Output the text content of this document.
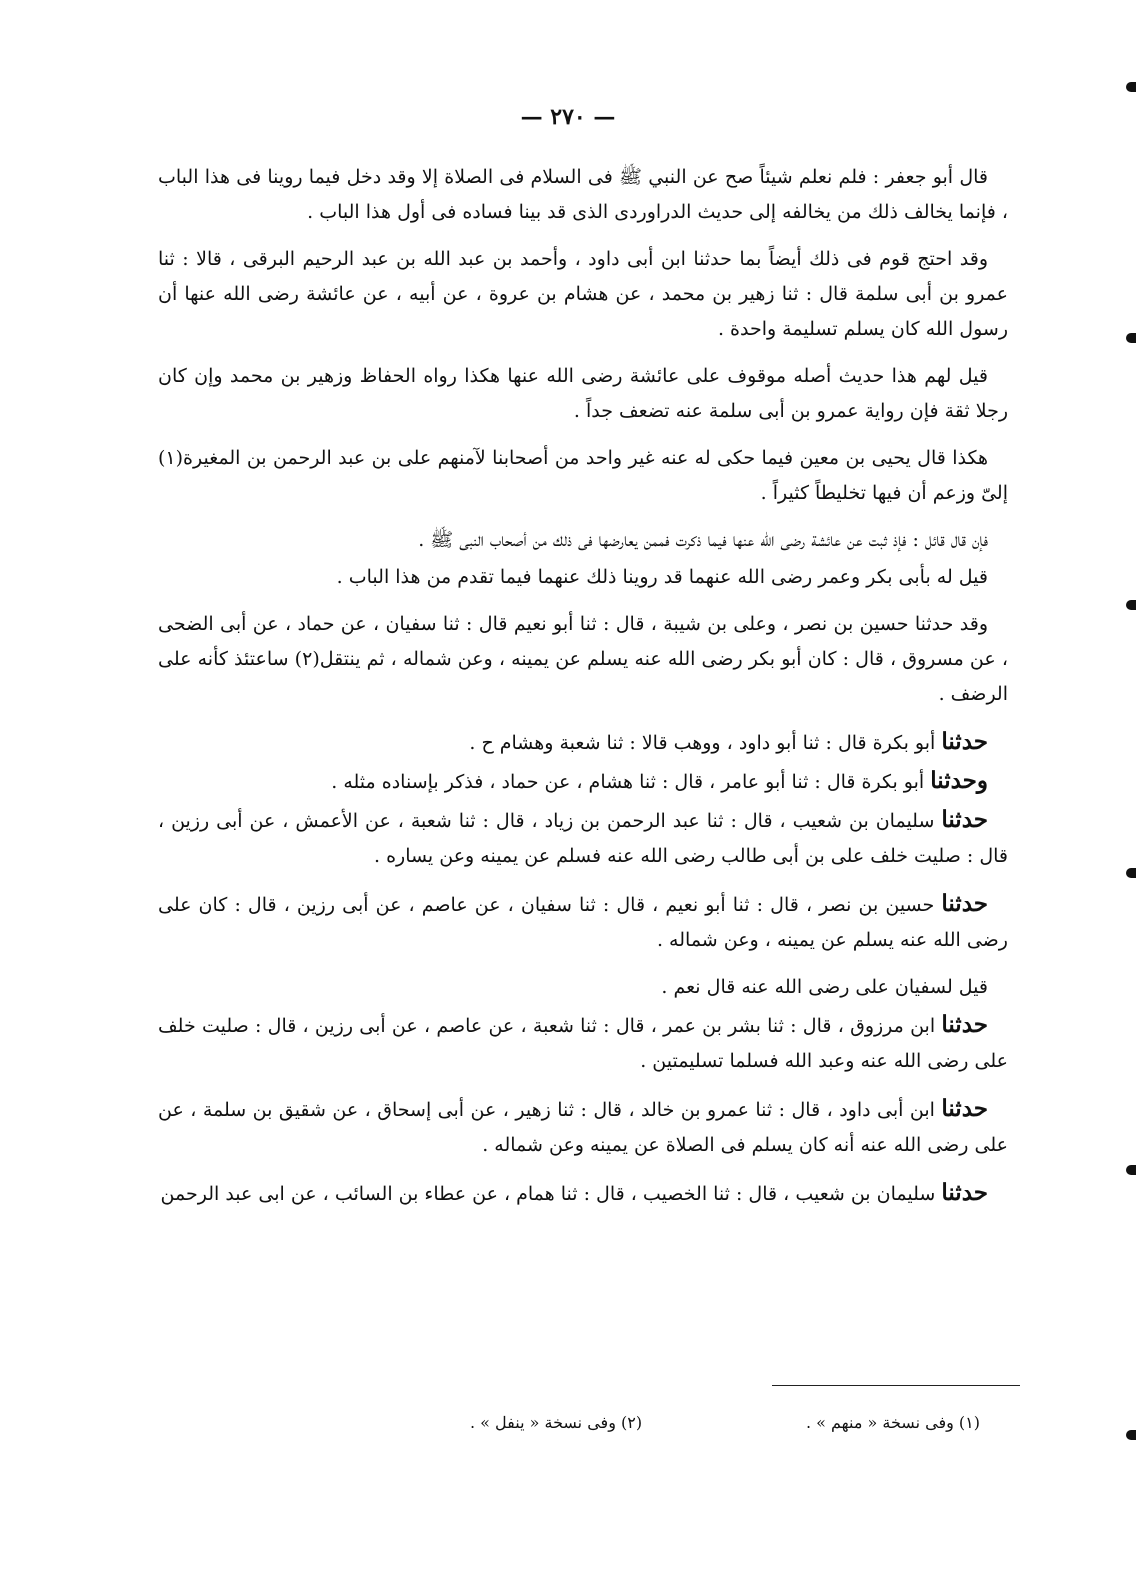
— ٢٧٠ —

قال أبو جعفر : فلم نعلم شيئاً صح عن النبي ﷺ فى السلام فى الصلاة إلا وقد دخل فيما روينا فى هذا الباب ، فإنما يخالف ذلك من يخالفه إلى حديث الدراوردى الذى قد بينا فساده فى أول هذا الباب .

وقد احتج قوم فى ذلك أيضاً بما حدثنا ابن أبى داود ، وأحمد بن عبد الله بن عبد الرحيم البرقى ، قالا : ثنا عمرو بن أبى سلمة قال : ثنا زهير بن محمد ، عن هشام بن عروة ، عن أبيه ، عن عائشة رضى الله عنها أن رسول الله كان يسلم تسليمة واحدة .

قيل لهم هذا حديث أصله موقوف على عائشة رضى الله عنها هكذا رواه الحفاظ وزهير بن محمد وإن كان رجلا ثقة فإن رواية عمرو بن أبى سلمة عنه تضعف جداً .

هكذا قال يحيى بن معين فيما حكى له عنه غير واحد من أصحابنا لآمنهم على بن عبد الرحمن بن المغيرة(١) إلىّ وزعم أن فيها تخليطاً كثيراً .

فإن قال قائل : فإذ ثبت عن عائشة رضى الله عنها فيما ذكرت فممن يعارضها فى ذلك من أصحاب النبى ﷺ .

قيل له بأبى بكر وعمر رضى الله عنهما قد روينا ذلك عنهما فيما تقدم من هذا الباب .

وقد حدثنا حسين بن نصر ، وعلى بن شيبة ، قال : ثنا أبو نعيم قال : ثنا سفيان ، عن حماد ، عن أبى الضحى ، عن مسروق ، قال : كان أبو بكر رضى الله عنه يسلم عن يمينه ، وعن شماله ، ثم ينتقل(٢) ساعتئذ كأنه على الرضف .

حدثنا أبو بكرة قال : ثنا أبو داود ، ووهب قالا : ثنا شعبة وهشام ح .

وحدثنا أبو بكرة قال : ثنا أبو عامر ، قال : ثنا هشام ، عن حماد ، فذكر بإسناده مثله .

حدثنا سليمان بن شعيب ، قال : ثنا عبد الرحمن بن زياد ، قال : ثنا شعبة ، عن الأعمش ، عن أبى رزين ، قال : صليت خلف على بن أبى طالب رضى الله عنه فسلم عن يمينه وعن يساره .

حدثنا حسين بن نصر ، قال : ثنا أبو نعيم ، قال : ثنا سفيان ، عن عاصم ، عن أبى رزين ، قال : كان على رضى الله عنه يسلم عن يمينه ، وعن شماله .

قيل لسفيان على رضى الله عنه قال نعم .

حدثنا ابن مرزوق ، قال : ثنا بشر بن عمر ، قال : ثنا شعبة ، عن عاصم ، عن أبى رزين ، قال : صليت خلف على رضى الله عنه وعبد الله فسلما تسليمتين .

حدثنا ابن أبى داود ، قال : ثنا عمرو بن خالد ، قال : ثنا زهير ، عن أبى إسحاق ، عن شقيق بن سلمة ، عن على رضى الله عنه أنه كان يسلم فى الصلاة عن يمينه وعن شماله .

حدثنا سليمان بن شعيب ، قال : ثنا الخصيب ، قال : ثنا همام ، عن عطاء بن السائب ، عن ابى عبد الرحمن

(١) وفى نسخة « منهم » .
(٢) وفى نسخة « ينفل » .
